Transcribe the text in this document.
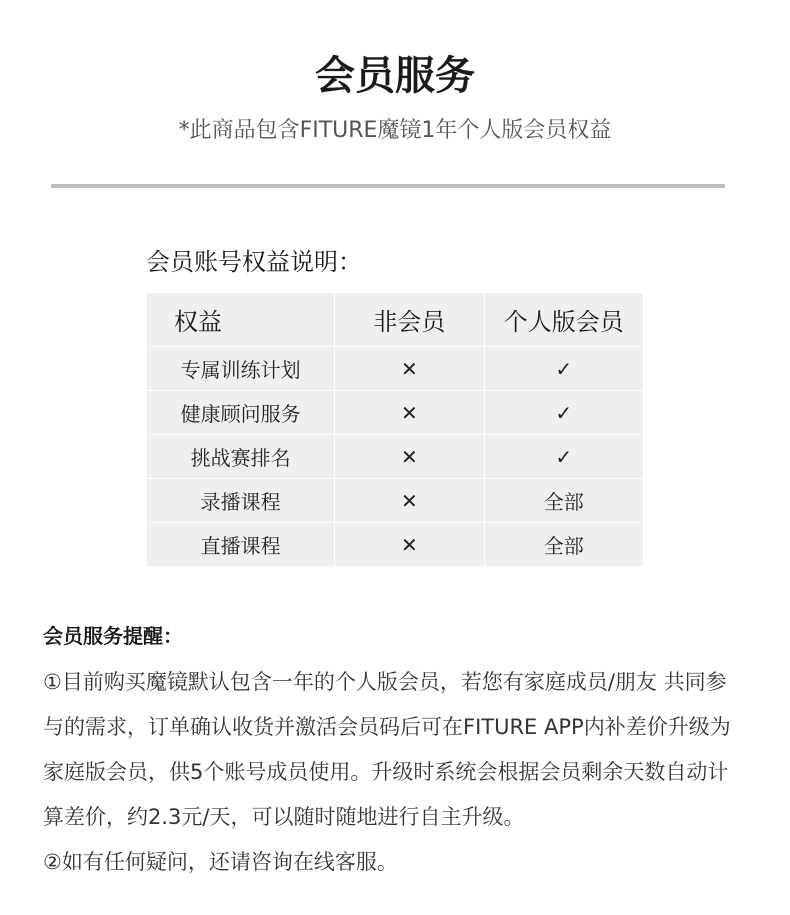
会员服务
*此商品包含FITURE魔镜1年个人版会员权益
会员账号权益说明：
权益	非会员	个人版会员
专属训练计划	✕	✓
健康顾问服务	✕	✓
挑战赛排名	✕	✓
录播课程	✕	全部
直播课程	✕	全部
会员服务提醒：

①目前购买魔镜默认包含一年的个人版会员，若您有家庭成员/朋友 共同参与的需求，订单确认收货并激活会员码后可在FITURE APP内补差价升级为家庭版会员，供5个账号成员使用。升级时系统会根据会员剩余天数自动计算差价，约2.3元/天，可以随时随地进行自主升级。

②如有任何疑问，还请咨询在线客服。
